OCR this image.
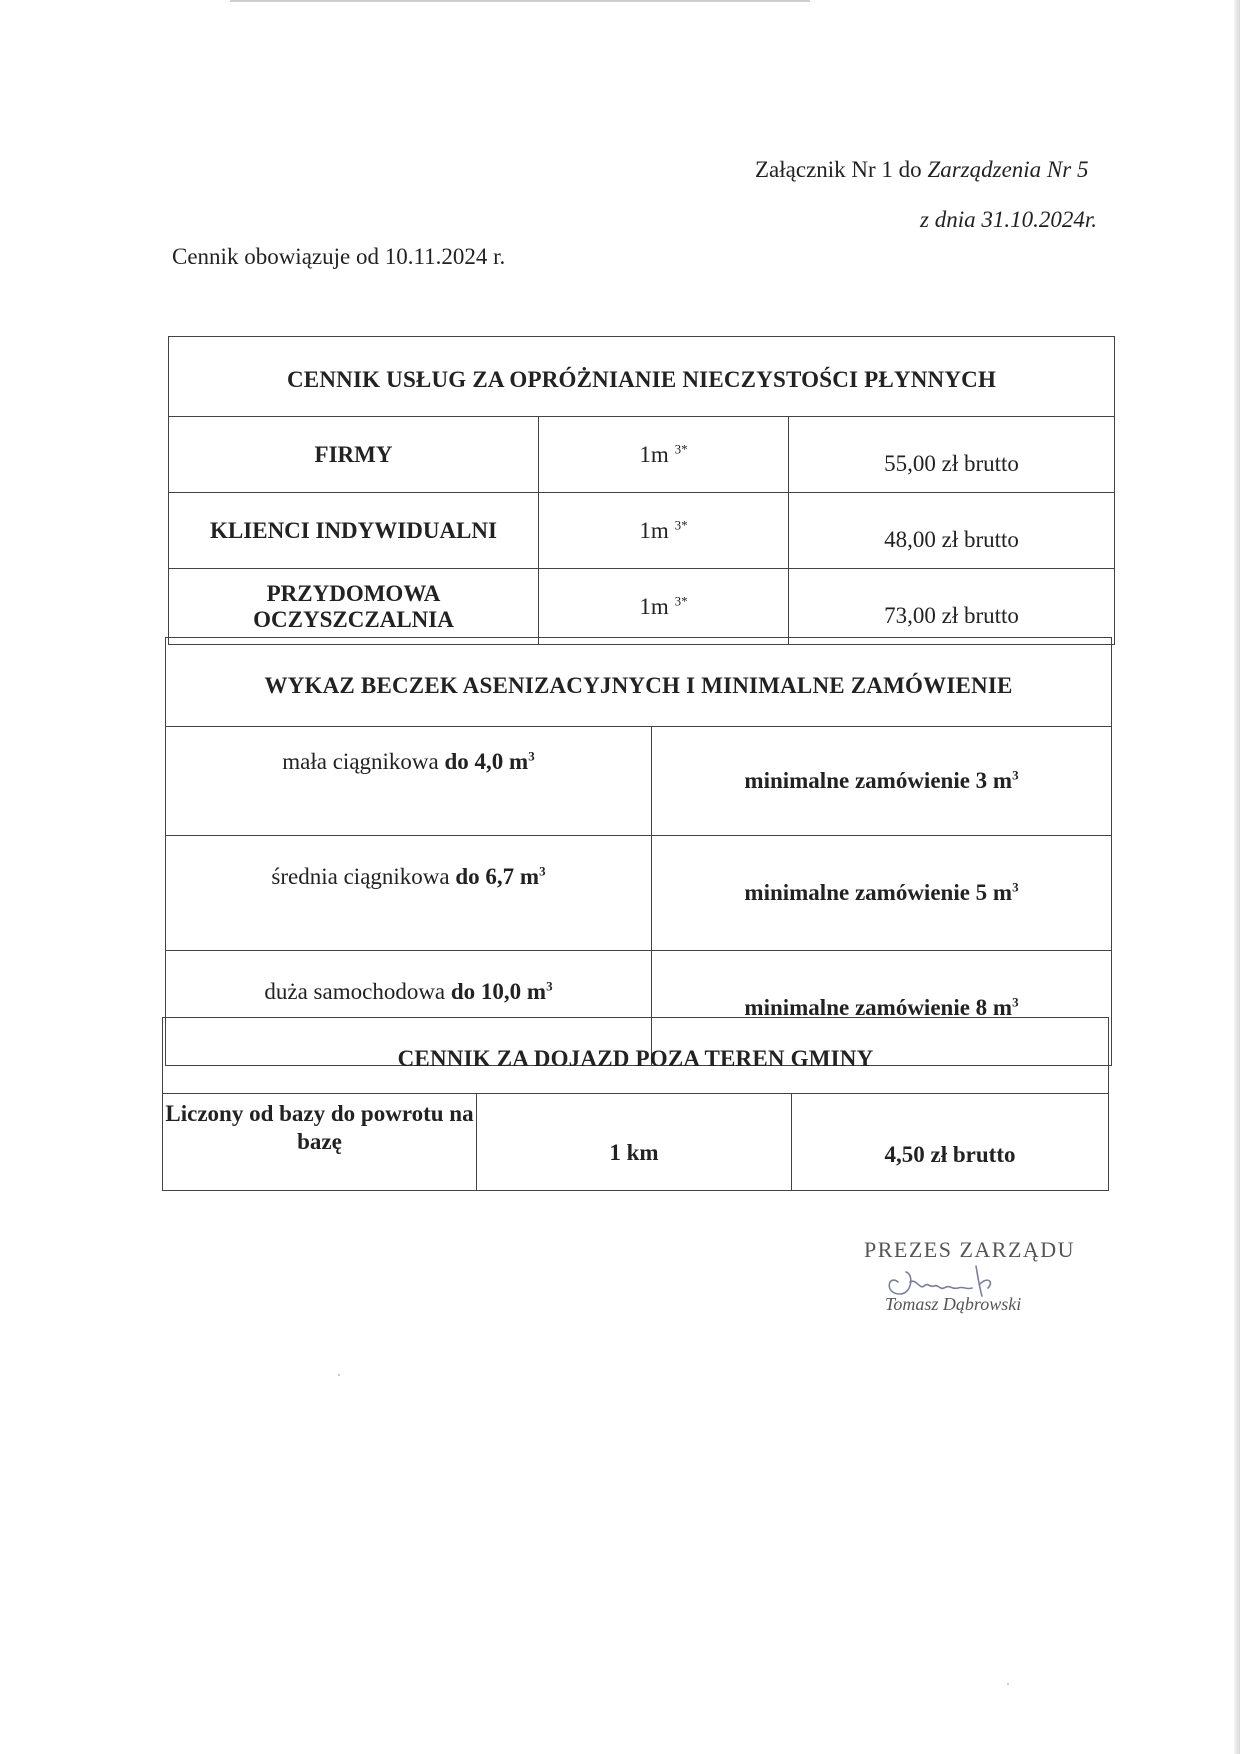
Załącznik Nr 1 do Zarządzenia Nr 5
z dnia 31.10.2024r.
Cennik obowiązuje od 10.11.2024 r.
CENNIK USŁUG ZA OPRÓŻNIANIE NIECZYSTOŚCI PŁYNNYCH		
FIRMY	1m $^{3*}$	55,00 zł brutto
KLIENCI INDYWIDUALNI	1m $^{3*}$	48,00 zł brutto
PRZYDOMOWA OCZYSZCZALNIA	1m $^{3*}$	73,00 zł brutto
WYKAZ BECZEK ASENIZACYJNYCH I MINIMALNE ZAMÓWIENIE	
mała ciągnikowa do 4,0 $m^3$	minimalne zamówienie 3 $m^3$
średnia ciągnikowa do 6,7 $m^3$	minimalne zamówienie 5 $m^3$
duża samochodowa do 10,0 $m^3$	minimalne zamówienie 8 $m^3$
CENNIK ZA DOJAZD POZA TEREN GMINY
Liczony od bazy do powrotu na bazę	1 km	4,50 zł brutto
PREZES ZARZĄDU
Tomasz Dąbrowski
